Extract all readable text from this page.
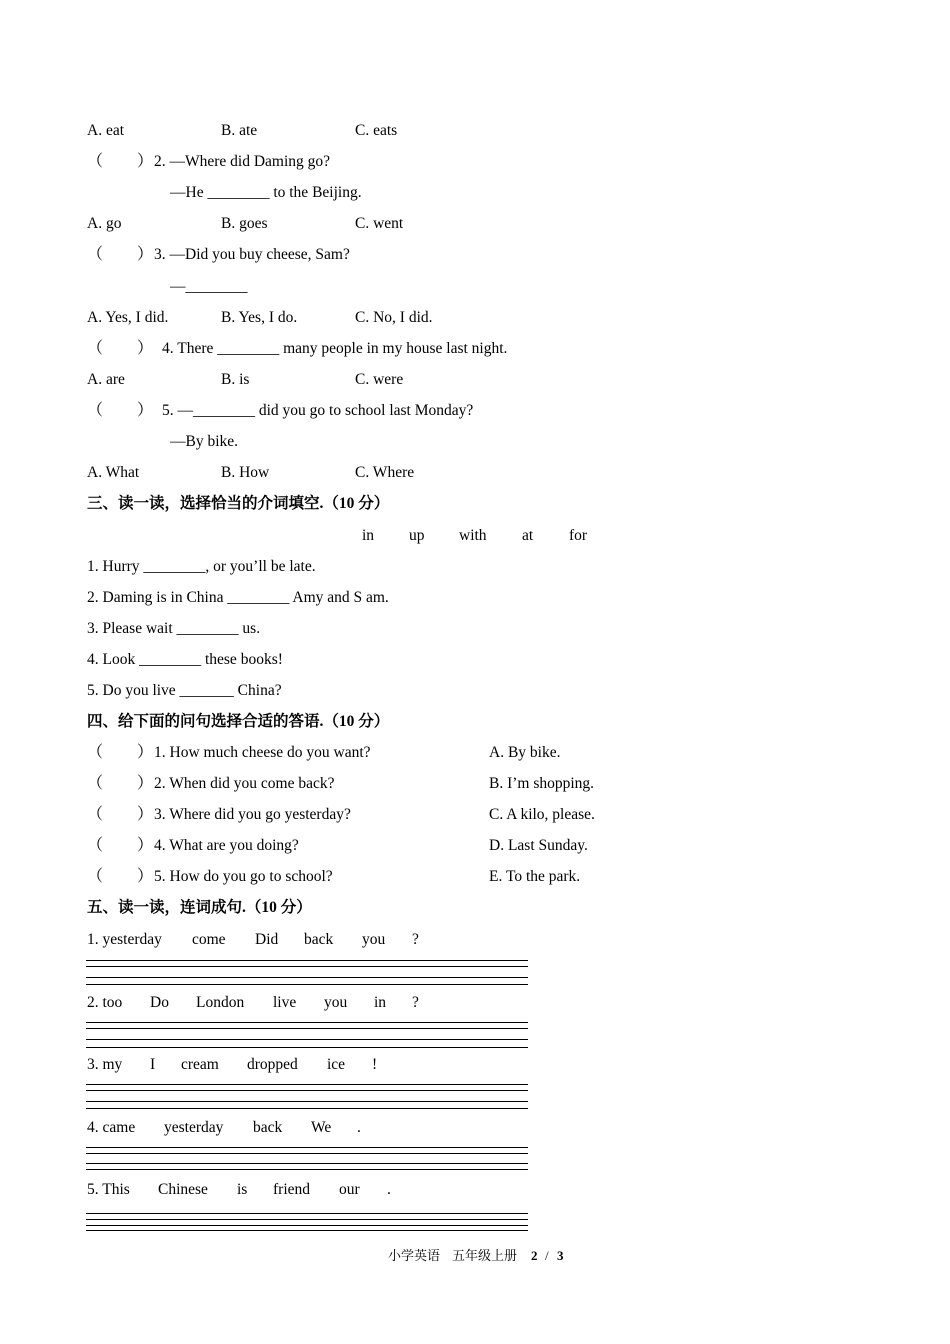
A. eat	B. ate	C. eats
（ ） 2. —Where did Daming go?
—He ________ to the Beijing.
A. go	B. goes	C. went
（ ） 3. —Did you buy cheese, Sam?
—________
A. Yes, I did.	B. Yes, I do.	C. No, I did.
（ ） 4. There ________ many people in my house last night.
A. are	B. is	C. were
（ ） 5. —________ did you go to school last Monday?
—By bike.
A. What	B. How	C. Where
三、读一读，选择恰当的介词填空.（10 分）
in up with at for
1. Hurry ________, or you’ll be late.
2. Daming is in China ________ Amy and S am.
3. Please wait ________ us.
4. Look ________ these books!
5. Do you live _______ China?
四、给下面的问句选择合适的答语.（10 分）
（ ） 1. How much cheese do you want?	A. By bike.
（ ） 2. When did you come back?	B. I’m shopping.
（ ） 3. Where did you go yesterday?	C. A kilo, please.
（ ） 4. What are you doing?	D. Last Sunday.
（ ） 5. How do you go to school?	E. To the park.
五、读一读，连词成句.（10 分）
1. yesterday come Did back you ?
2. too Do London live you in ?
3. my I cream dropped ice !
4. came yesterday back We .
5. This Chinese is friend our .
小学英语 五年级上册 2 / 3
